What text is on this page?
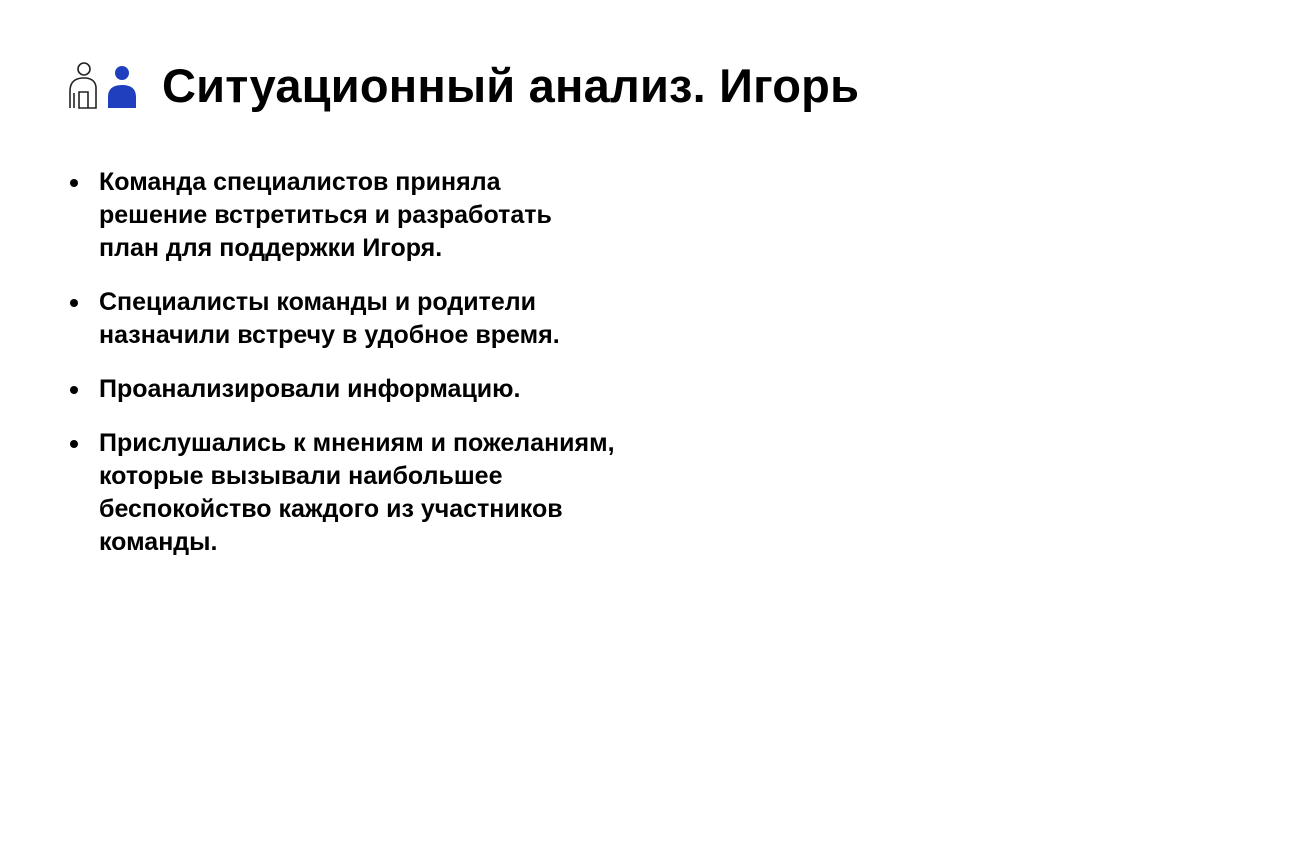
Ситуационный анализ. Игорь
Команда специалистов приняла
решение встретиться и разработать
план для поддержки Игоря.
Специалисты команды и родители
назначили встречу в удобное время.
Проанализировали информацию.
Прислушались к мнениям и пожеланиям,
которые вызывали наибольшее
беспокойство каждого из участников
команды.
